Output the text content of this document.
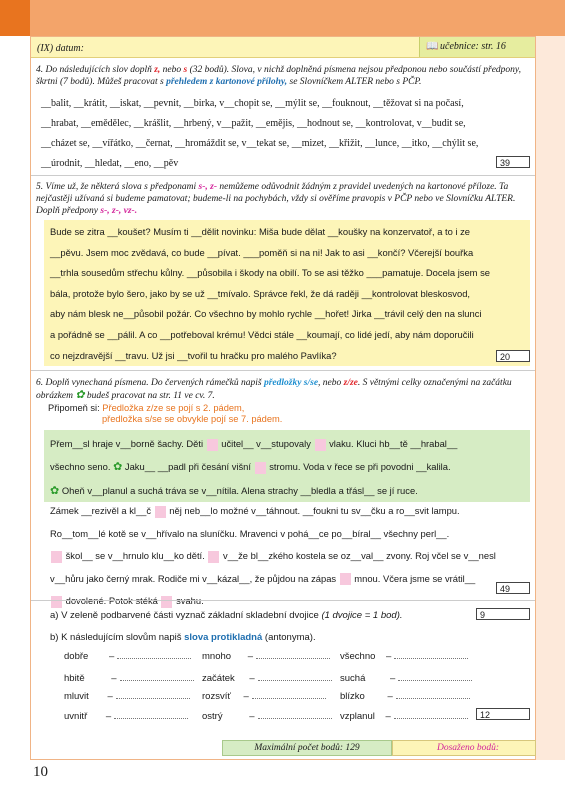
(IX) datum:	📖 učebnice: str. 16
4. Do následujících slov doplň z, nebo s (32 bodů). Slova, v nichž doplněná písmena nejsou předponou nebo součástí předpony, škrtni (7 bodů). Můžeš pracovat s přehledem z kartonové přílohy, se Slovníčkem ALTER nebo s PČP.
__balit, __krátit, __iskat, __pevnit, __birka, v__chopit se, __mýlit se, __fouknout, __těžovat si na počasí,
__hrabat, __emědělec, __krášlit, __hrbený, v__pažit, __emějis, __hodnout se, __kontrolovat, v__budit se,
__cházet se, __vířátko, __černat, __hromáždit se, v__tekat se, __mizet, __křižit, __lunce, __itko, __chýlit se,
__úrodnit, __hledat, __eno, __pěv	39
5. Víme už, že některá slova s předponami s-, z- nemůžeme odůvodnit žádným z pravidel uvedených na kartonové příloze. Ta nejčastěji užívaná si budeme pamatovat; budeme-li na pochybách, vždy si ověříme pravopis v PČP nebo ve Slovníčku ALTER. Doplň předpony s-, z-, vz-.
Bude se zitra __koušet? Musím ti __dělit novinku: Miša bude dělat __koušky na konzervatoř, a to i ze
__pěvu. Jsem moc zvědavá, co bude __pívat. ___poměň si na ni! Jak to asi __končí? Včerejší bouřka
__trhla sousedům střechu kůlny. __působila i škody na obilí. To se asi těžko ___pamatuje. Docela jsem se
bála, protože bylo šero, jako by se už __tmívalo. Správce řekl, že dá raději __kontrolovat bleskosvod,
aby nám blesk ne__působil požár. Co všechno by mohlo rychle __hořet! Jirka __trávil celý den na slunci
a pořádně se __pálil. A co __potřeboval krému! Vědci stále __koumají, co lidé jedí, aby nám doporučili
co nejzdravější __travu. Už jsi __tvořil tu hračku pro malého Pavlíka?	20
6. Doplň vynechaná písmena. Do červených rámečků napiš předložky s/se, nebo z/ze. S větnými celky označenými na začátku obrázkem ✿ budeš pracovat na str. 11 ve cv. 7.
Připomeň si: Předložka z/ze se pojí s 2. pádem,
předložka s/se se obvykle pojí se 7. pádem.
Přem__sl hraje v__borně šachy. Děti  učitel__ v__stupovaly  vlaku. Kluci hb__tě __hrabal__
všechno seno. ✿ Jaku__ __padl při česání višní  stromu. Voda v řece se při povodni __kalila.
✿ Oheň v__planul a suchá tráva se v__nítila. Alena strachy __bledla a třásl__ se jí ruce.
Zámek __rezivěl a kl__č  něj neb__lo možné v__táhnout. __foukni tu sv__čku a ro__svit lampu.
Ro__tom__lé kotě se v__hřívalo na sluníčku. Mravenci v pohá__ce po__bíral__ všechny perl__.
škol__ se v__hrnulo klu__ko dětí.  v__že bl__zkého kostela se oz__val__ zvony. Roj včel se v__nesl
v__hůru jako černý mrak. Rodiče mi v__kázal__, že půjdou na zápas  mnou. Včera jsme se vrátil__
dovolené. Potok stéká  svahu.
49
a) V zeleně podbarvené části vyznač základní skladební dvojice (1 dvojice = 1 bod).	9
b) K následujícím slovům napiš slova protikladná (antonyma).
dobře –	mnoho –	všechno –
hbitě	–	začátek –	suchá	–
mluvit –	rozsvíť –	blízko –
uvnitř –	ostrý	–	vzplanul –	12
Maximální počet bodů: 129	Dosaženo bodů:
10
